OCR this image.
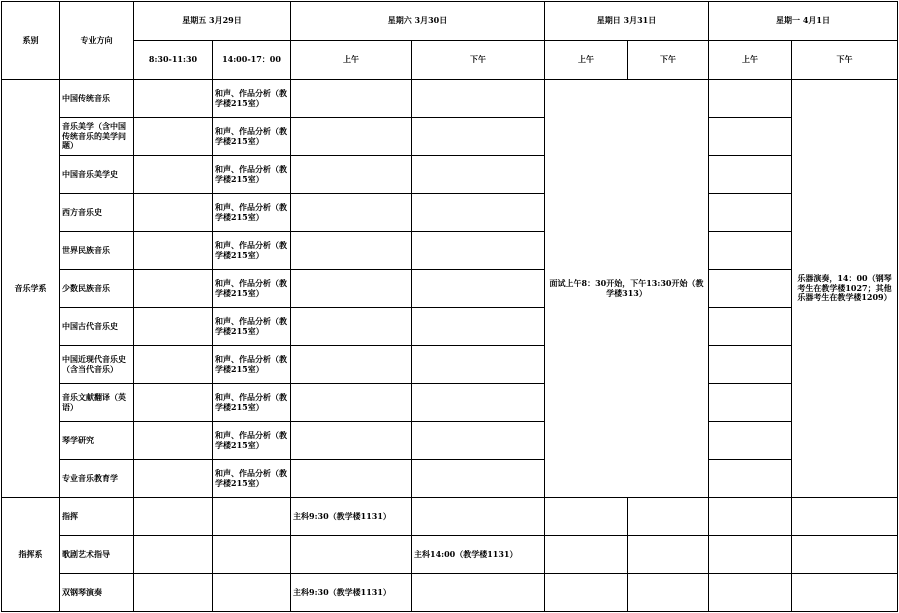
系别	专业方向	星期五 3月29日		星期六 3月30日		星期日 3月31日		星期一 4月1日	
		8:30-11:30	14:00-17：00	上午	下午	上午	下午	上午	下午
音乐学系	中国传统音乐		和声、作品分析（教学楼215室）			面试上午8：30开始，下午13:30开始（教学楼313）			乐器演奏，14：00（钢琴考生在教学楼1027；其他乐器考生在教学楼1209）
	音乐美学（含中国传统音乐的美学问题）		和声、作品分析（教学楼215室）						
	中国音乐美学史		和声、作品分析（教学楼215室）						
	西方音乐史		和声、作品分析（教学楼215室）						
	世界民族音乐		和声、作品分析（教学楼215室）						
	少数民族音乐		和声、作品分析（教学楼215室）						
	中国古代音乐史		和声、作品分析（教学楼215室）						
	中国近现代音乐史（含当代音乐）		和声、作品分析（教学楼215室）						
	音乐文献翻译（英语）		和声、作品分析（教学楼215室）						
	琴学研究		和声、作品分析（教学楼215室）						
	专业音乐教育学		和声、作品分析（教学楼215室）						
指挥系	指挥			主科9:30（教学楼1131）					
	歌剧艺术指导				主科14:00（教学楼1131）				
	双钢琴演奏			主科9:30（教学楼1131）					
